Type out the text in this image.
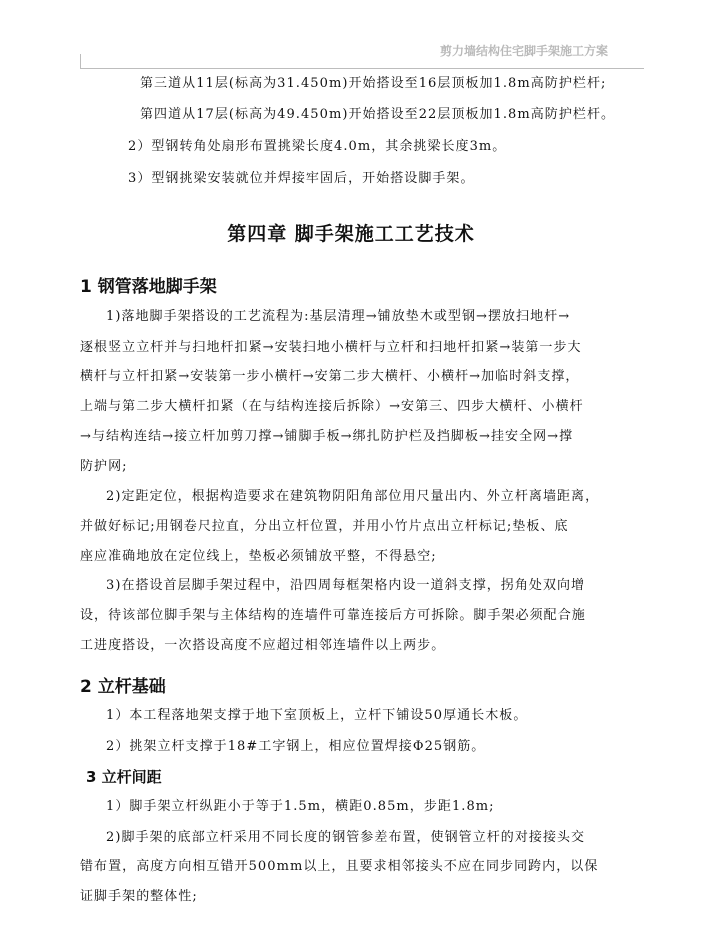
剪力墙结构住宅脚手架施工方案
第三道从11层(标高为31.450m)开始搭设至16层顶板加1.8m高防护栏杆;
第四道从17层(标高为49.450m)开始搭设至22层顶板加1.8m高防护栏杆。
2）型钢转角处扇形布置挑梁长度4.0m，其余挑梁长度3m。
3）型钢挑梁安装就位并焊接牢固后，开始搭设脚手架。
第四章 脚手架施工工艺技术
1 钢管落地脚手架
1)落地脚手架搭设的工艺流程为:基层清理→铺放垫木或型钢→摆放扫地杆→
逐根竖立立杆并与扫地杆扣紧→安装扫地小横杆与立杆和扫地杆扣紧→装第一步大
横杆与立杆扣紧→安装第一步小横杆→安第二步大横杆、小横杆→加临时斜支撑，
上端与第二步大横杆扣紧（在与结构连接后拆除）→安第三、四步大横杆、小横杆
→与结构连结→接立杆加剪刀撑→铺脚手板→绑扎防护栏及挡脚板→挂安全网→撑
防护网;
2)定距定位，根据构造要求在建筑物阴阳角部位用尺量出内、外立杆离墙距离，
并做好标记;用钢卷尺拉直，分出立杆位置，并用小竹片点出立杆标记;垫板、底
座应准确地放在定位线上，垫板必须铺放平整，不得悬空;
3)在搭设首层脚手架过程中，沿四周每框架格内设一道斜支撑，拐角处双向增
设，待该部位脚手架与主体结构的连墙件可靠连接后方可拆除。脚手架必须配合施
工进度搭设，一次搭设高度不应超过相邻连墙件以上两步。
2 立杆基础
1）本工程落地架支撑于地下室顶板上，立杆下铺设50厚通长木板。
2）挑架立杆支撑于18#工字钢上，相应位置焊接Φ25钢筋。
3 立杆间距
1）脚手架立杆纵距小于等于1.5m，横距0.85m，步距1.8m;
2)脚手架的底部立杆采用不同长度的钢管参差布置，使钢管立杆的对接接头交
错布置，高度方向相互错开500mm以上，且要求相邻接头不应在同步同跨内，以保
证脚手架的整体性;
